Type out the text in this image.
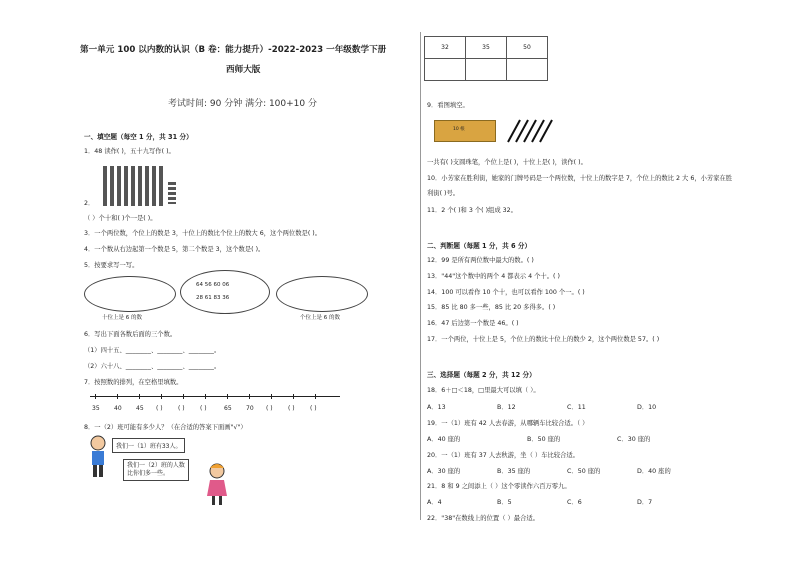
第一单元 100 以内数的认识（B 卷：能力提升）-2022-2023 一年级数学下册
西师大版
考试时间: 90 分钟 满分: 100+10 分
一、填空题（每空 1 分，共 31 分）
1．48 读作( )，五十九写作( )。
2．
（ ）个十和( )个一是( )。
3．一个两位数，个位上的数是 3，十位上的数比个位上的数大 6，这个两位数是( )。
4．一个数从右边起第一个数是 5，第二个数是 3，这个数是( )。
5．按要求写一写。
64 56 60 06
28 61 83 36
十位上是 6 的数	个位上是 6 的数
6．写出下面各数后面的三个数。
（1）四十五、________、________、________。
（2）六十八、________、________、________。
7．按照数的排列，在空格里填数。
35 40 45 ( )	( )	( )	65 70 ( )	( )	( )
8．一（2）班可能有多少人？（在合适的答案下面画"√"）
我们一（1）班有33人。
我们一（2）班的人数
比你们多一些。
32	35	50

9．看图填空。
10 根
一共有( )支圆珠笔，个位上是( )，十位上是( )，读作( )。
10．小芳家在胜利街，她家的门牌号码是一个两位数，十位上的数字是 7，个位上的数比 2 大 6，小芳家在胜
利街( )号。
11．2 个( )和 3 个( )组成 32。
二、判断题（每题 1 分，共 6 分）
12．99 是所有两位数中最大的数。( )
13．"44"这个数中的两个 4 都表示 4 个十。( )
14．100 可以看作 10 个十，也可以看作 100 个一。( )
15．85 比 80 多一些，85 比 20 多得多。( )
16．47 后边第一个数是 46。( )
17．一个两位，十位上是 5，个位上的数比十位上的数少 2，这个两位数是 57。( )
三、选择题（每题 2 分，共 12 分）
18．6＋□＜18，□里最大可以填（ ）。
A．13	B．12	C．11	D．10
19．一（1）班有 42 人去春游，从哪辆车比较合适。（ ）
A．40 座的	B．50 座的	C．30 座的
20．一（1）班有 37 人去秋游，坐（ ）车比较合适。
A．30 座的	B．35 座的	C．50 座的	D．40 座的
21．8 和 9 之间添上（ ）这个零读作六百万零九。
A．4	B．5	C．6	D．7
22．"38"在数线上的位置（ ）最合适。
